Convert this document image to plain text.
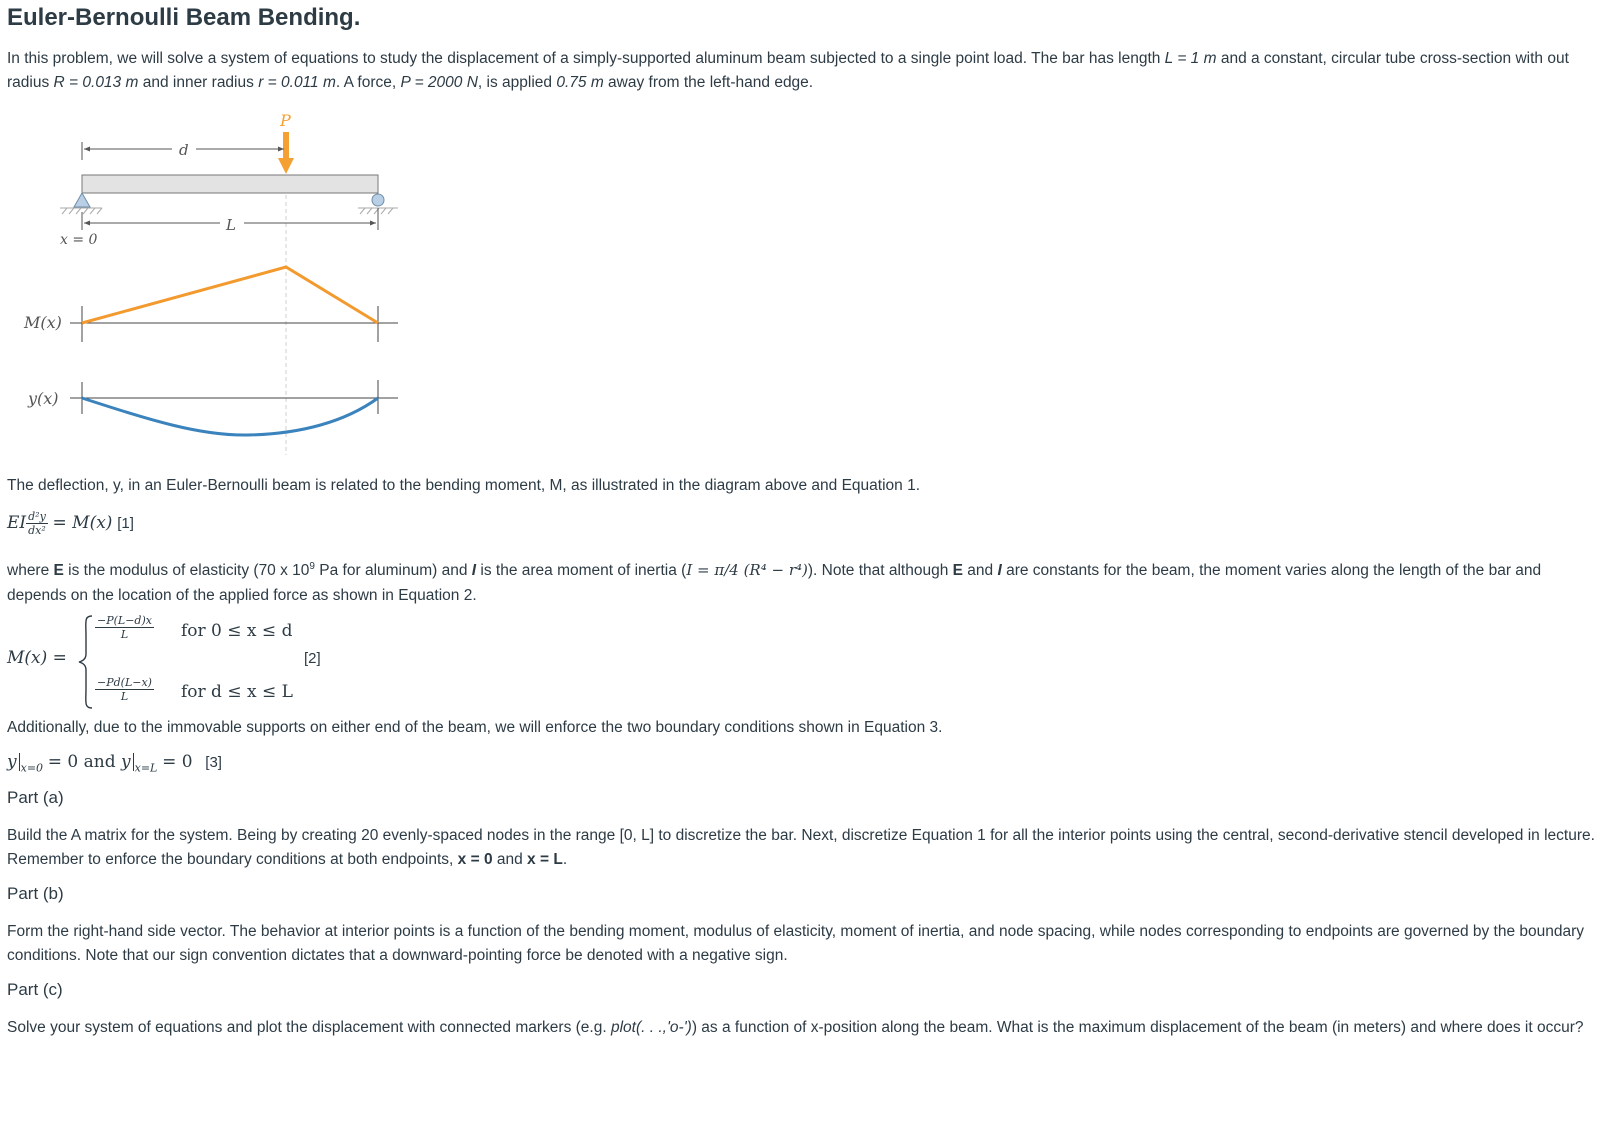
Euler-Bernoulli Beam Bending.

In this problem, we will solve a system of equations to study the displacement of a simply-supported aluminum beam subjected to a single point load. The bar has length L = 1 m and a constant, circular tube cross-section with out radius R = 0.013 m and inner radius r = 0.011 m. A force, P = 2000 N, is applied 0.75 m away from the left-hand edge.

P
d
L
x = 0
M(x)
y(x)

The deflection, y, in an Euler-Bernoulli beam is related to the bending moment, M, as illustrated in the diagram above and Equation 1.

EI $\frac{\text{d²y}}{\text{dx²}} = M(x)$ [1]

where E is the modulus of elasticity (70 x $10^9$ Pa for aluminum) and I is the area moment of inertia (I = π/4 (R⁴ − r⁴)). Note that although E and I are constants for the beam, the moment varies along the length of the bar and depends on the location of the applied force as shown in Equation 2.

M(x) =
$\frac{-P(L-d)x}{L}$ for 0 ≤ x ≤ d
[2]
$\frac{-Pd(L-x)}{L}$ for d ≤ x ≤ L

Additionally, due to the immovable supports on either end of the beam, we will enforce the two boundary conditions shown in Equation 3.

y $_{x=0}$ = 0 and y $_{x=L}$ = 0 [3]
Part (a)

Build the A matrix for the system. Being by creating 20 evenly-spaced nodes in the range [0, L] to discretize the bar. Next, discretize Equation 1 for all the interior points using the central, second-derivative stencil developed in lecture. Remember to enforce the boundary conditions at both endpoints, x = 0 and x = L.

Part (b)

Form the right-hand side vector. The behavior at interior points is a function of the bending moment, modulus of elasticity, moment of inertia, and node spacing, while nodes corresponding to endpoints are governed by the boundary conditions. Note that our sign convention dictates that a downward-pointing force be denoted with a negative sign.

Part (c)

Solve your system of equations and plot the displacement with connected markers (e.g. plot(. . .,'o-')) as a function of x-position along the beam. What is the maximum displacement of the beam (in meters) and where does it occur?
